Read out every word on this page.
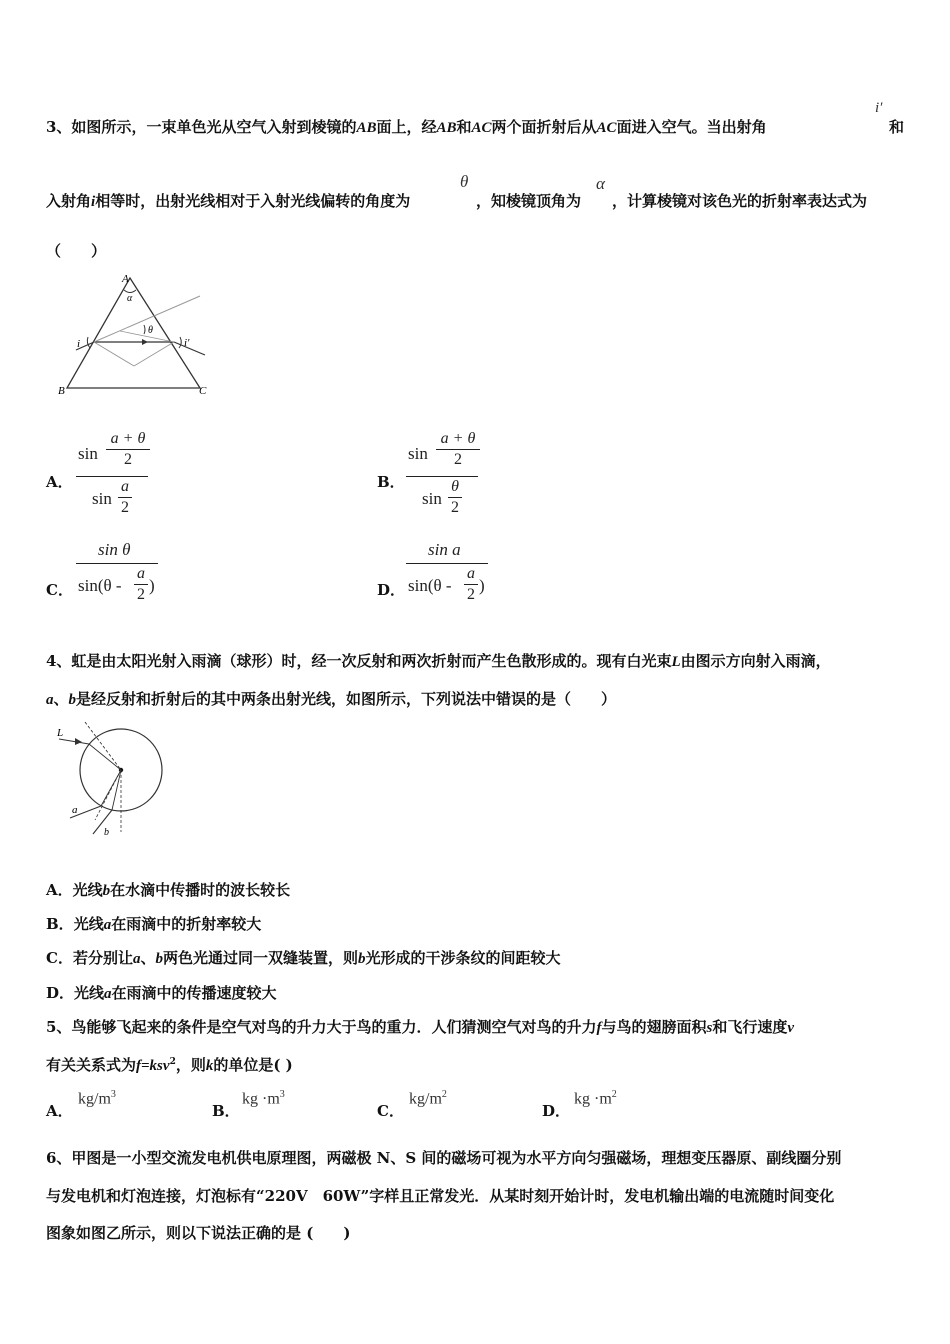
3、如图所示，一束单色光从空气入射到棱镜的AB面上，经AB和AC两个面折射后从AC面进入空气。当出射角
i′
和
入射角i相等时，出射光线相对于入射光线偏转的角度为
θ
，知棱镜顶角为
α
，计算棱镜对该色光的折射率表达式为
（　　）
A
α
θ
i	i′
B	C
A．
sin
a + θ
2
sin
a
2
B．
sin
a + θ
2
sin
θ
2
C．
sin θ
sin(θ -
a
2 )	D．
sin a
sin(θ -
a
2 )
4、虹是由太阳光射入雨滴（球形）时，经一次反射和两次折射而产生色散形成的。现有白光束L由图示方向射入雨滴，
a、b是经反射和折射后的其中两条出射光线，如图所示，下列说法中错误的是（　　）
L
a
b
A．光线b在水滴中传播时的波长较长
B．光线a在雨滴中的折射率较大
C．若分别让a、b两色光通过同一双缝装置，则b光形成的干涉条纹的间距较大
D．光线a在雨滴中的传播速度较大
5、鸟能够飞起来的条件是空气对鸟的升力大于鸟的重力．人们猜测空气对鸟的升力f与鸟的翅膀面积s和飞行速度v
有关关系式为f=ksv$^2$，则k的单位是( )
A．
$kg/m^3$
B．
kg $\cdot m^3$
C．
$kg/m^2$
D．
kg $\cdot m^2$
6、甲图是一小型交流发电机供电原理图，两磁极 N、S 间的磁场可视为水平方向匀强磁场，理想变压器原、副线圈分别
与发电机和灯泡连接，灯泡标有“220V　60W”字样且正常发光．从某时刻开始计时，发电机输出端的电流随时间变化
图象如图乙所示，则以下说法正确的是 (　　)
